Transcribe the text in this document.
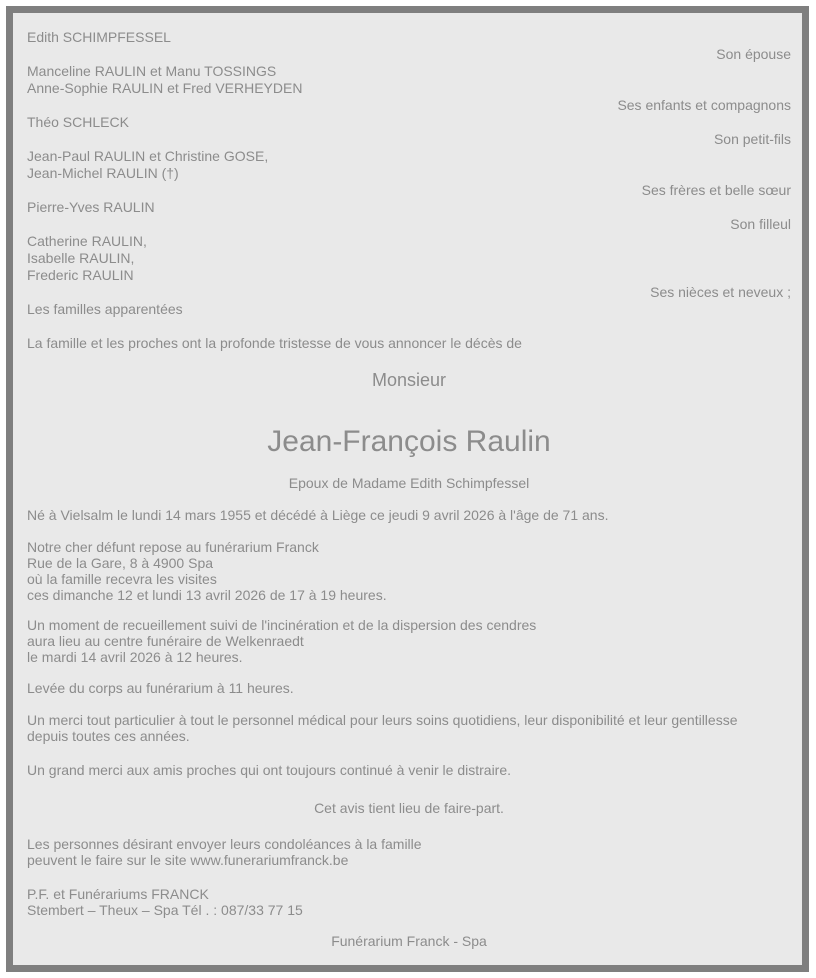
Edith SCHIMPFESSEL
Son épouse
Manceline RAULIN et Manu TOSSINGS
Anne-Sophie RAULIN et Fred VERHEYDEN
Ses enfants et compagnons
Théo SCHLECK
Son petit-fils
Jean-Paul RAULIN et Christine GOSE,
Jean-Michel RAULIN (†)
Ses frères et belle sœur
Pierre-Yves RAULIN
Son filleul
Catherine RAULIN,
Isabelle RAULIN,
Frederic RAULIN
Ses nièces et neveux ;
Les familles apparentées
La famille et les proches ont la profonde tristesse de vous annoncer le décès de
Monsieur
Jean-François Raulin
Epoux de Madame Edith Schimpfessel
Né à Vielsalm le lundi 14 mars 1955 et décédé à Liège ce jeudi 9 avril 2026 à l'âge de 71 ans.
Notre cher défunt repose au funérarium Franck
Rue de la Gare, 8 à 4900 Spa
où la famille recevra les visites
ces dimanche 12 et lundi 13 avril 2026 de 17 à 19 heures.
Un moment de recueillement suivi de l'incinération et de la dispersion des cendres
aura lieu au centre funéraire de Welkenraedt
le mardi 14 avril 2026 à 12 heures.
Levée du corps au funérarium à 11 heures.
Un merci tout particulier à tout le personnel médical pour leurs soins quotidiens, leur disponibilité et leur gentillesse
depuis toutes ces années.
Un grand merci aux amis proches qui ont toujours continué à venir le distraire.
Cet avis tient lieu de faire-part.
Les personnes désirant envoyer leurs condoléances à la famille
peuvent le faire sur le site www.funerariumfranck.be
P.F. et Funérariums FRANCK
Stembert – Theux – Spa Tél . : 087/33 77 15
Funérarium Franck - Spa
